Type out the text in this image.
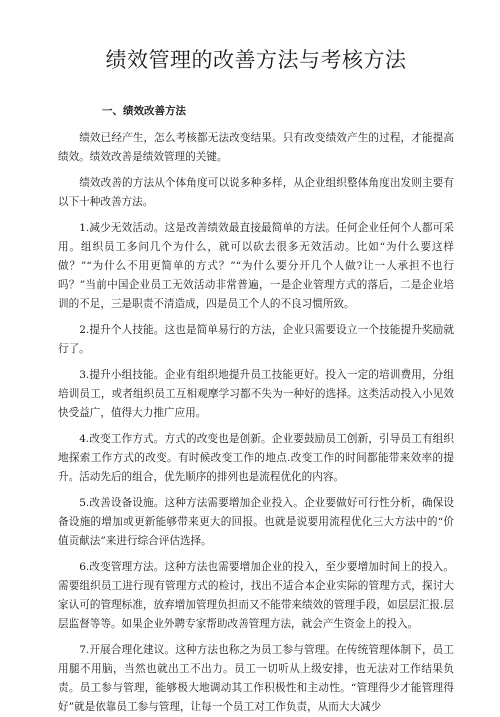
绩效管理的改善方法与考核方法
一、绩效改善方法

绩效已经产生，怎么考核都无法改变结果。只有改变绩效产生的过程，才能提高绩效。绩效改善是绩效管理的关键。

绩效改善的方法从个体角度可以说多种多样，从企业组织整体角度出发则主要有以下十种改善方法。

1.减少无效活动。这是改善绩效最直接最简单的方法。任何企业任何个人都可采用。组织员工多问几个为什么，就可以砍去很多无效活动。比如“为什么要这样做？”“为什么不用更简单的方式？”“为什么要分开几个人做?让一人承担不也行吗？”当前中国企业员工无效活动非常普遍，一是企业管理方式的落后，二是企业培训的不足，三是职责不清造成，四是员工个人的不良习惯所致。

2.提升个人技能。这也是简单易行的方法，企业只需要设立一个技能提升奖励就行了。

3.提升小组技能。企业有组织地提升员工技能更好。投入一定的培训费用，分组培训员工，或者组织员工互相观摩学习都不失为一种好的选择。这类活动投入小见效快受益广，值得大力推广应用。

4.改变工作方式。方式的改变也是创新。企业要鼓励员工创新，引导员工有组织地探索工作方式的改变。有时候改变工作的地点.改变工作的时间都能带来效率的提升。活动先后的组合，优先顺序的排列也是流程优化的内容。

5.改善设备设施。这种方法需要增加企业投入。企业要做好可行性分析，确保设备设施的增加或更新能够带来更大的回报。也就是说要用流程优化三大方法中的“价值贡献法”来进行综合评估选择。

6.改变管理方法。这种方法也需要增加企业的投入，至少要增加时间上的投入。需要组织员工进行现有管理方式的检讨，找出不适合本企业实际的管理方式，探讨大家认可的管理标准，放弃增加管理负担而又不能带来绩效的管理手段，如层层汇报.层层监督等等。如果企业外聘专家帮助改善管理方法，就会产生资金上的投入。

7.开展合理化建议。这种方法也称之为员工参与管理。在传统管理体制下，员工用腿不用脑，当然也就出工不出力。员工一切听从上级安排，也无法对工作结果负责。员工参与管理，能够极大地调动其工作积极性和主动性。“管理得少才能管理得好”就是依靠员工参与管理，让每一个员工对工作负责，从而大大减少
